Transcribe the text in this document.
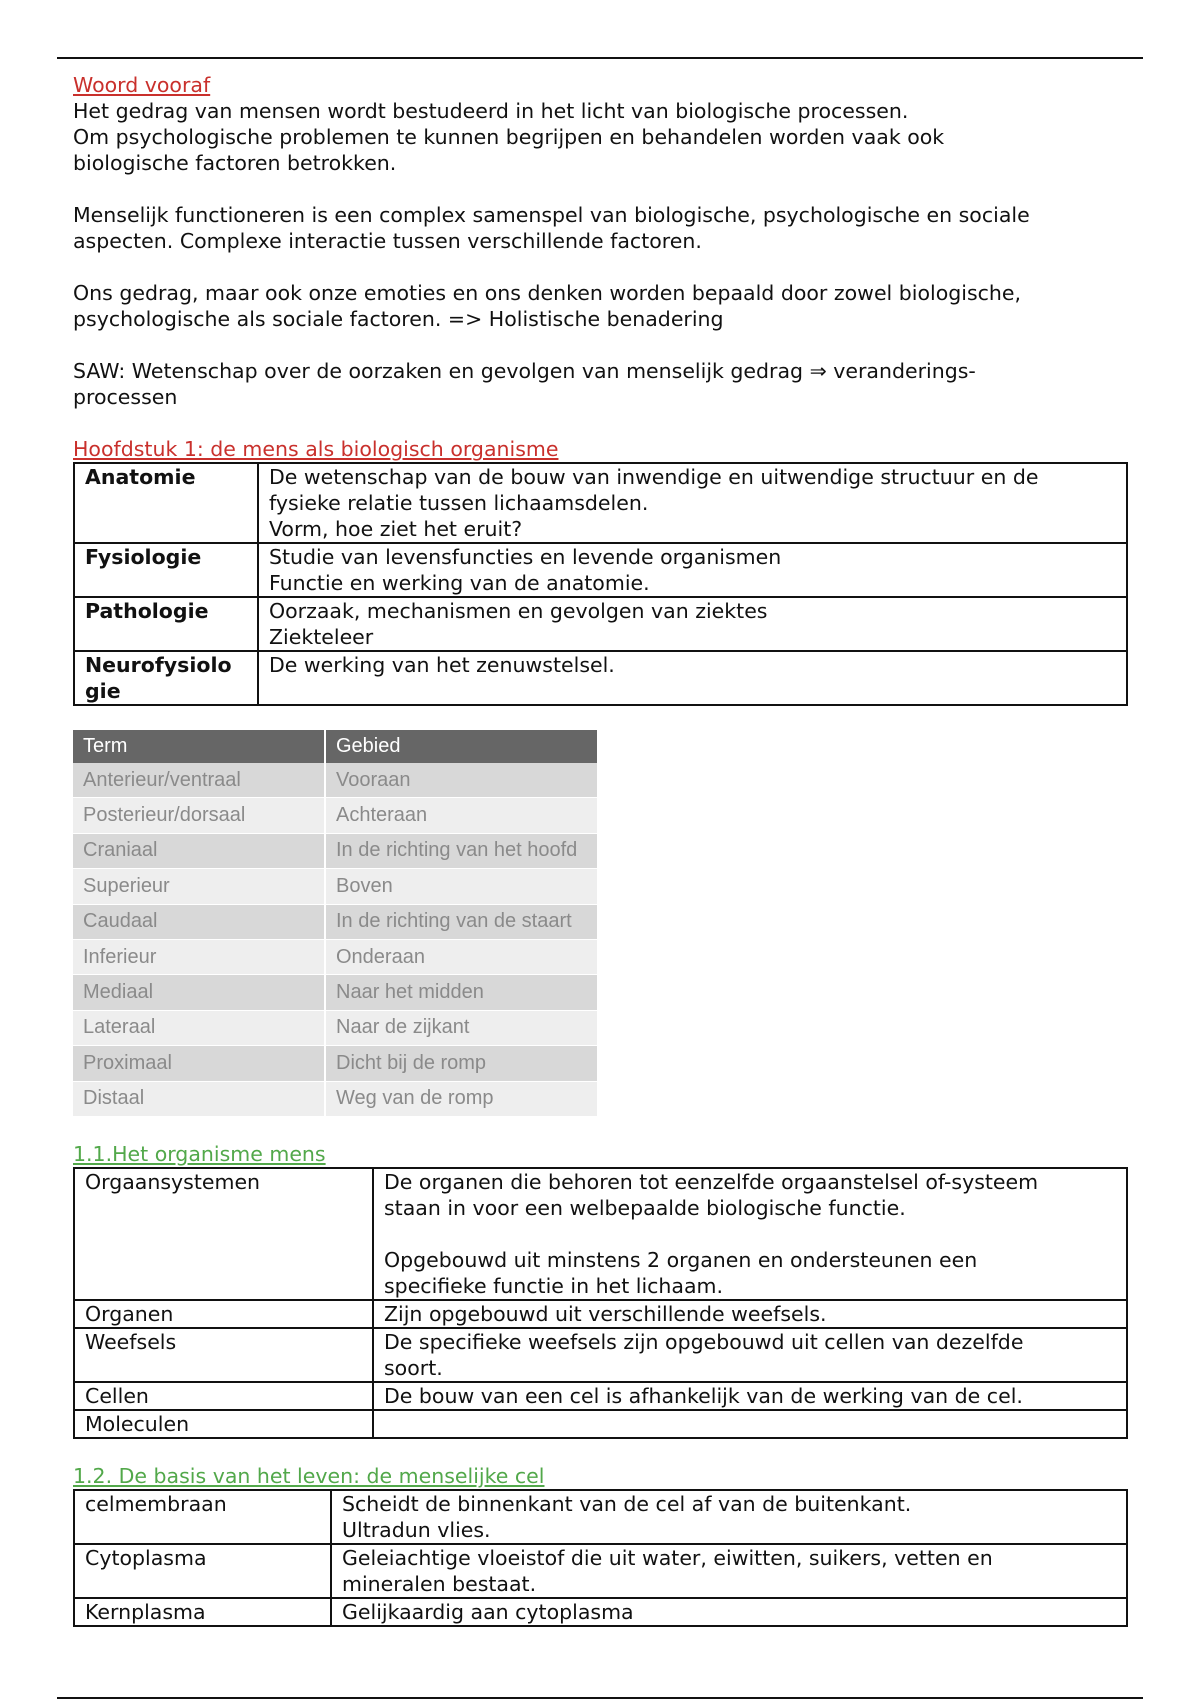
Woord vooraf

Het gedrag van mensen wordt bestudeerd in het licht van biologische processen.
Om psychologische problemen te kunnen begrijpen en behandelen worden vaak ook
biologische factoren betrokken.

Menselijk functioneren is een complex samenspel van biologische, psychologische en sociale
aspecten. Complexe interactie tussen verschillende factoren.

Ons gedrag, maar ook onze emoties en ons denken worden bepaald door zowel biologische,
psychologische als sociale factoren. => Holistische benadering

SAW: Wetenschap over de oorzaken en gevolgen van menselijk gedrag ⇒ veranderings-
processen

Hoofdstuk 1: de mens als biologisch organisme

Anatomie	De wetenschap van de bouw van inwendige en uitwendige structuur en de
fysieke relatie tussen lichaamsdelen.
Vorm, hoe ziet het eruit?
Fysiologie	Studie van levensfuncties en levende organismen
Functie en werking van de anatomie.
Pathologie	Oorzaak, mechanismen en gevolgen van ziektes
Ziekteleer
Neurofysiolo
gie	De werking van het zenuwstelsel.
Term	Gebied
Anterieur/ventraal	Vooraan
Posterieur/dorsaal	Achteraan
Craniaal	In de richting van het hoofd
Superieur	Boven
Caudaal	In de richting van de staart
Inferieur	Onderaan
Mediaal	Naar het midden
Lateraal	Naar de zijkant
Proximaal	Dicht bij de romp
Distaal	Weg van de romp

1.1.Het organisme mens

Orgaansystemen	De organen die behoren tot eenzelfde orgaanstelsel of-systeem
staan in voor een welbepaalde biologische functie.

Opgebouwd uit minstens 2 organen en ondersteunen een
specifieke functie in het lichaam.
Organen	Zijn opgebouwd uit verschillende weefsels.
Weefsels	De specifieke weefsels zijn opgebouwd uit cellen van dezelfde
soort.
Cellen	De bouw van een cel is afhankelijk van de werking van de cel.
Moleculen	

1.2. De basis van het leven: de menselijke cel

celmembraan	Scheidt de binnenkant van de cel af van de buitenkant.
Ultradun vlies.
Cytoplasma	Geleiachtige vloeistof die uit water, eiwitten, suikers, vetten en
mineralen bestaat.
Kernplasma	Gelijkaardig aan cytoplasma
